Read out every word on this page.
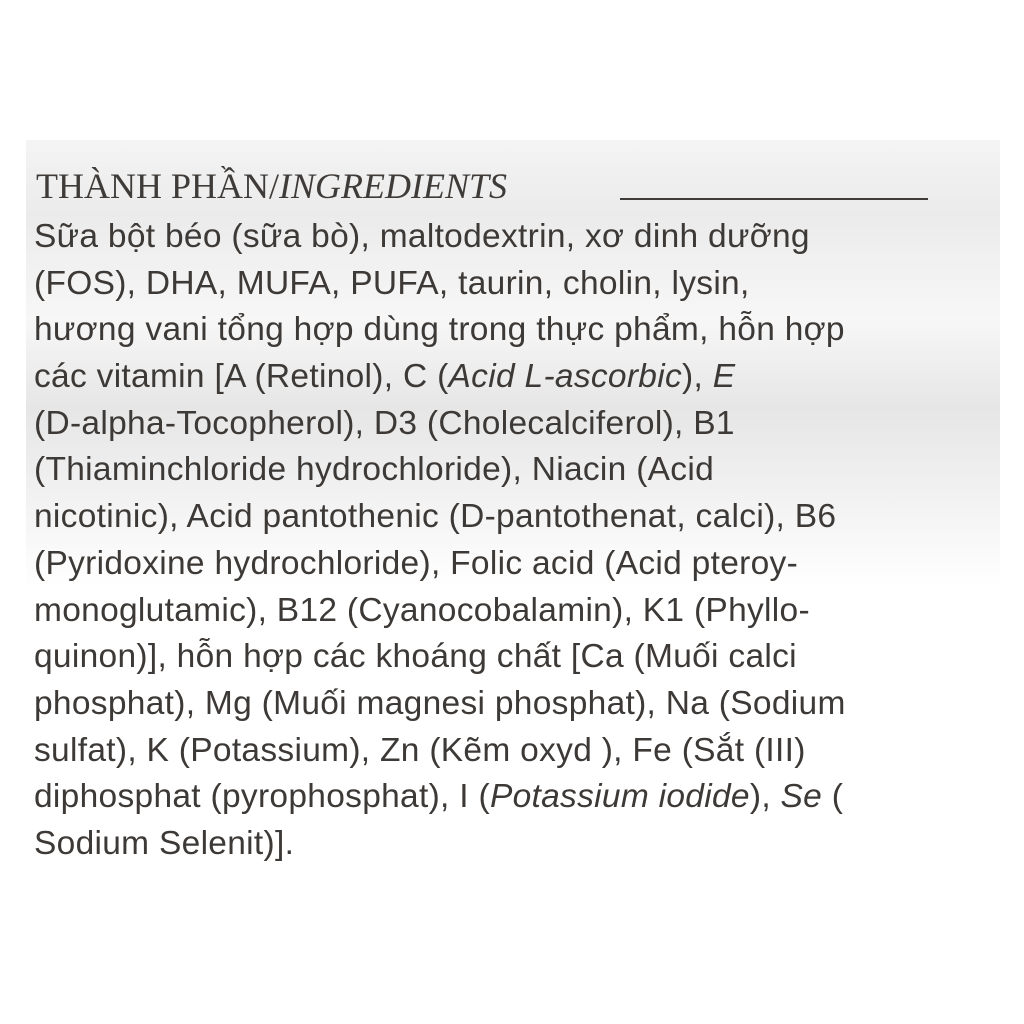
THÀNH PHẦN/ INGREDIENTS
Sữa bột béo (sữa bò), maltodextrin, xơ dinh dưỡng
(FOS), DHA, MUFA, PUFA, taurin, cholin, lysin,
hương vani tổng hợp dùng trong thực phẩm, hỗn hợp
các vitamin [A (Retinol), C (Acid L-ascorbic), E
(D-alpha-Tocopherol), D3 (Cholecalciferol), B1
(Thiaminchloride hydrochloride), Niacin (Acid
nicotinic), Acid pantothenic (D-pantothenat, calci), B6
(Pyridoxine hydrochloride), Folic acid (Acid pteroy-
monoglutamic), B12 (Cyanocobalamin), K1 (Phyllo-
quinon)], hỗn hợp các khoáng chất [Ca (Muối calci
phosphat), Mg (Muối magnesi phosphat), Na (Sodium
sulfat), K (Potassium), Zn (Kẽm oxyd ), Fe (Sắt (III)
diphosphat (pyrophosphat), I (Potassium iodide), Se (
Sodium Selenit)].
